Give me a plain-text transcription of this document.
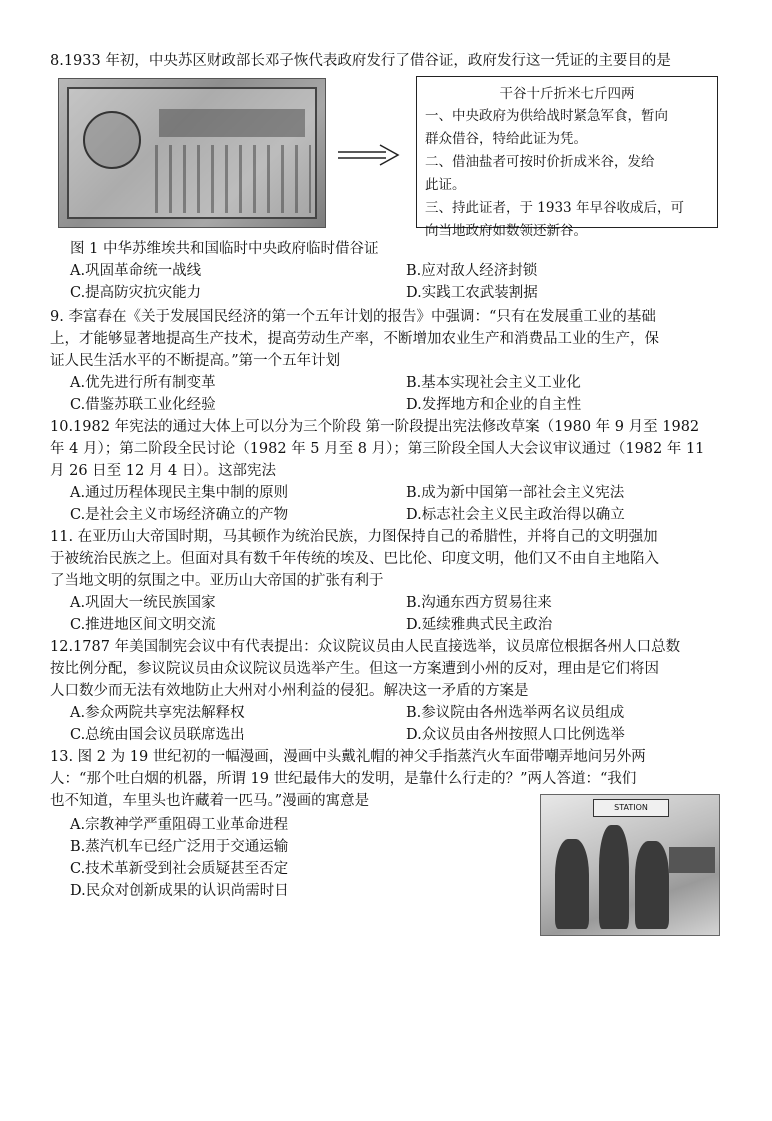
8.1933 年初，中央苏区财政部长邓子恢代表政府发行了借谷证，政府发行这一凭证的主要目的是
干谷十斤折米七斤四两
一、中央政府为供给战时紧急军食，暂向
群众借谷，特给此证为凭。
二、借油盐者可按时价折成米谷，发给
此证。
三、持此证者，于 1933 年早谷收成后，可
向当地政府如数领还新谷。
图 1 中华苏维埃共和国临时中央政府临时借谷证
A.巩固革命统一战线	B.应对敌人经济封锁
C.提高防灾抗灾能力	D.实践工农武装割据
9. 李富春在《关于发展国民经济的第一个五年计划的报告》中强调：“只有在发展重工业的基础
上，才能够显著地提高生产技术，提高劳动生产率，不断增加农业生产和消费品工业的生产，保
证人民生活水平的不断提高。”第一个五年计划
A.优先进行所有制变革	B.基本实现社会主义工业化
C.借鉴苏联工业化经验	D.发挥地方和企业的自主性
10.1982 年宪法的通过大体上可以分为三个阶段 第一阶段提出宪法修改草案（1980 年 9 月至 1982
年 4 月）；第二阶段全民讨论（1982 年 5 月至 8 月）；第三阶段全国人大会议审议通过（1982 年 11
月 26 日至 12 月 4 日）。这部宪法
A.通过历程体现民主集中制的原则	B.成为新中国第一部社会主义宪法
C.是社会主义市场经济确立的产物	D.标志社会主义民主政治得以确立
11. 在亚历山大帝国时期，马其顿作为统治民族，力图保持自己的希腊性，并将自己的文明强加
于被统治民族之上。但面对具有数千年传统的埃及、巴比伦、印度文明，他们又不由自主地陷入
了当地文明的氛围之中。亚历山大帝国的扩张有利于
A.巩固大一统民族国家	B.沟通东西方贸易往来
C.推进地区间文明交流	D.延续雅典式民主政治
12.1787 年美国制宪会议中有代表提出：众议院议员由人民直接选举，议员席位根据各州人口总数
按比例分配，参议院议员由众议院议员选举产生。但这一方案遭到小州的反对，理由是它们将因
人口数少而无法有效地防止大州对小州利益的侵犯。解决这一矛盾的方案是
A.参众两院共享宪法解释权	B.参议院由各州选举两名议员组成
C.总统由国会议员联席选出	D.众议员由各州按照人口比例选举
13. 图 2 为 19 世纪初的一幅漫画，漫画中头戴礼帽的神父手指蒸汽火车面带嘲弄地问另外两
人：“那个吐白烟的机器，所谓 19 世纪最伟大的发明，是靠什么行走的？”两人答道：“我们
也不知道，车里头也许藏着一匹马。”漫画的寓意是
A.宗教神学严重阻碍工业革命进程
B.蒸汽机车已经广泛用于交通运输
C.技术革新受到社会质疑甚至否定
D.民众对创新成果的认识尚需时日
STATION
